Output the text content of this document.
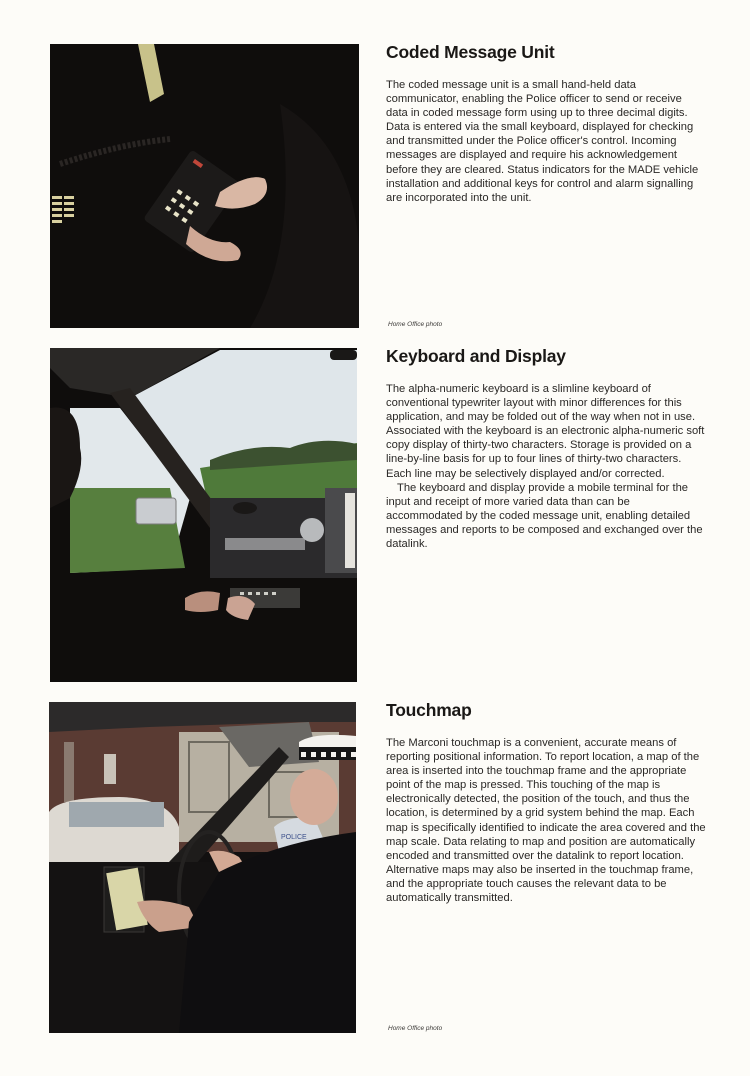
Coded Message Unit

The coded message unit is a small hand-held data communicator, enabling the Police officer to send or receive data in coded message form using up to three decimal digits. Data is entered via the small keyboard, displayed for checking and transmitted under the Police officer's control. Incoming messages are displayed and require his acknowledgement before they are cleared. Status indicators for the MADE vehicle installation and additional keys for control and alarm signalling are incorporated into the unit.

Home Office photo
Keyboard and Display

The alpha-numeric keyboard is a slimline keyboard of conventional typewriter layout with minor differences for this application, and may be folded out of the way when not in use. Associated with the keyboard is an electronic alpha-numeric soft copy display of thirty-two characters. Storage is provided on a line-by-line basis for up to four lines of thirty-two characters. Each line may be selectively displayed and/or corrected.

The keyboard and display provide a mobile terminal for the input and receipt of more varied data than can be accommodated by the coded message unit, enabling detailed messages and reports to be composed and exchanged over the datalink.

POLICE
Touchmap

The Marconi touchmap is a convenient, accurate means of reporting positional information. To report location, a map of the area is inserted into the touchmap frame and the appropriate point of the map is pressed. This touching of the map is electronically detected, the position of the touch, and thus the location, is determined by a grid system behind the map. Each map is specifically identified to indicate the area covered and the map scale. Data relating to map and position are automatically encoded and transmitted over the datalink to report location. Alternative maps may also be inserted in the touchmap frame, and the appropriate touch causes the relevant data to be automatically transmitted.

Home Office photo
